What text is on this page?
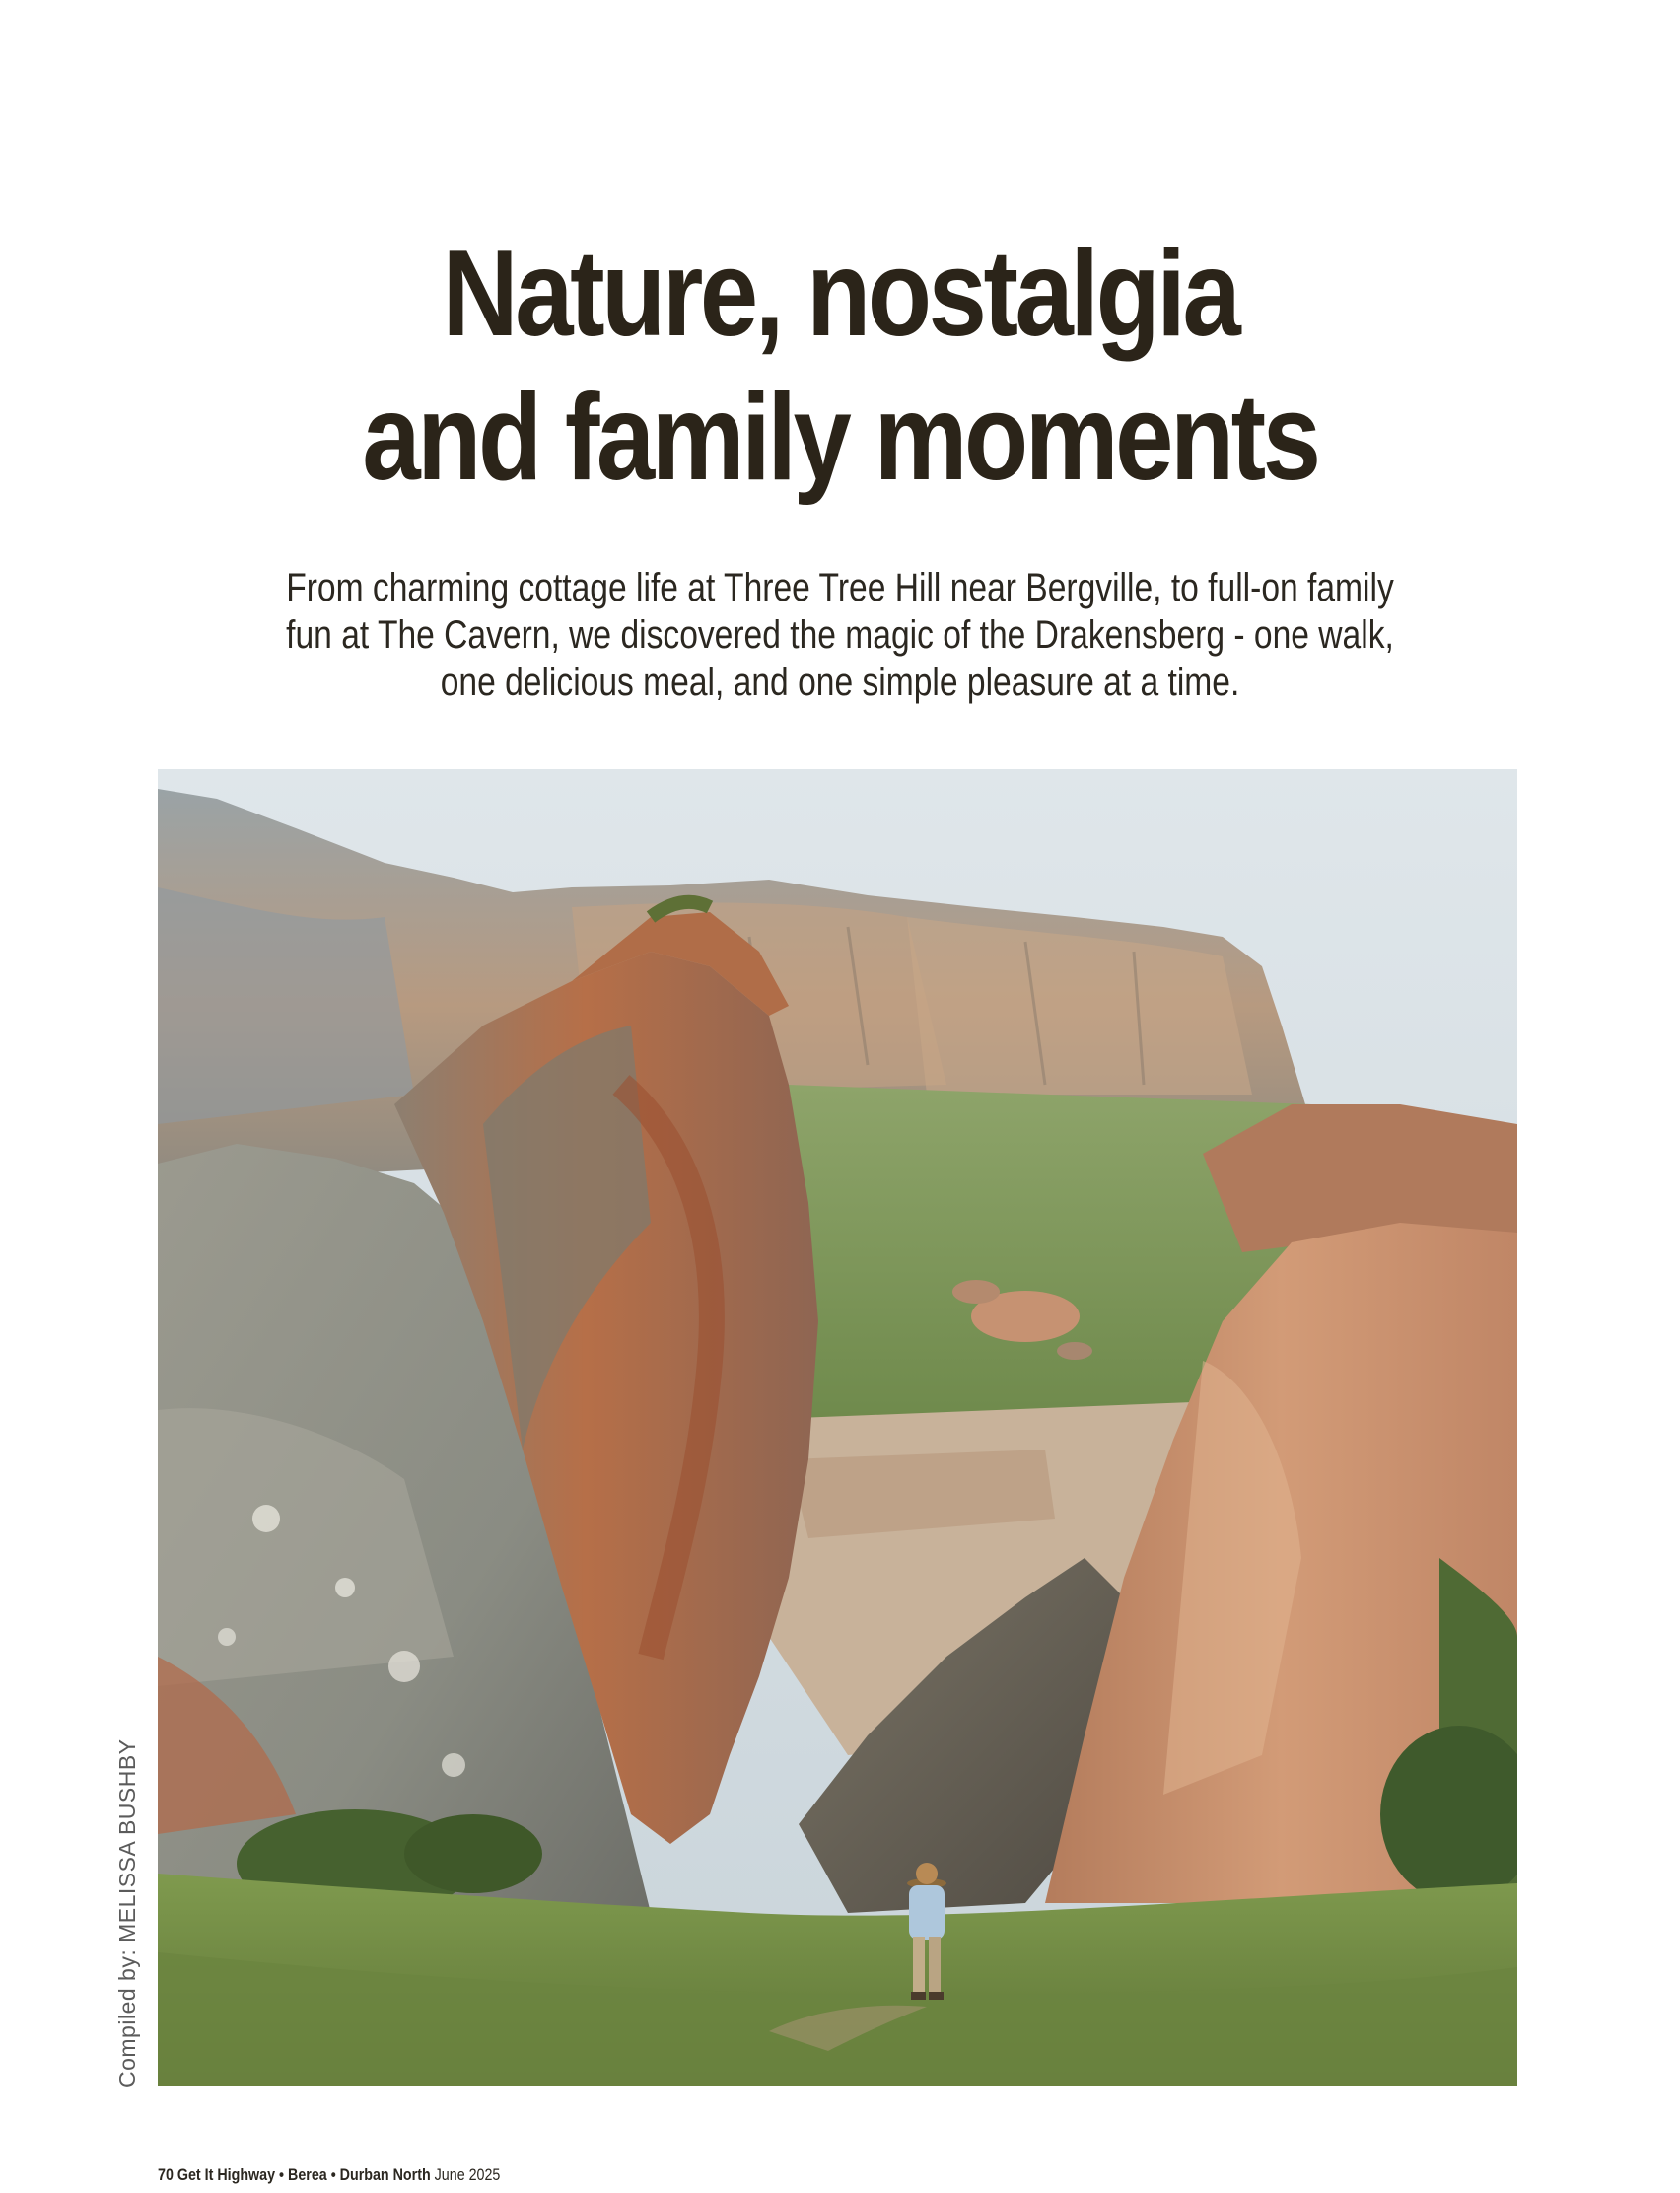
Nature, nostalgia
and family moments

From charming cottage life at Three Tree Hill near Bergville, to full-on family
fun at The Cavern, we discovered the magic of the Drakensberg - one walk,
one delicious meal, and one simple pleasure at a time.

Compiled by: MELISSA BUSHBY
70 Get It Highway • Berea • Durban North June 2025
